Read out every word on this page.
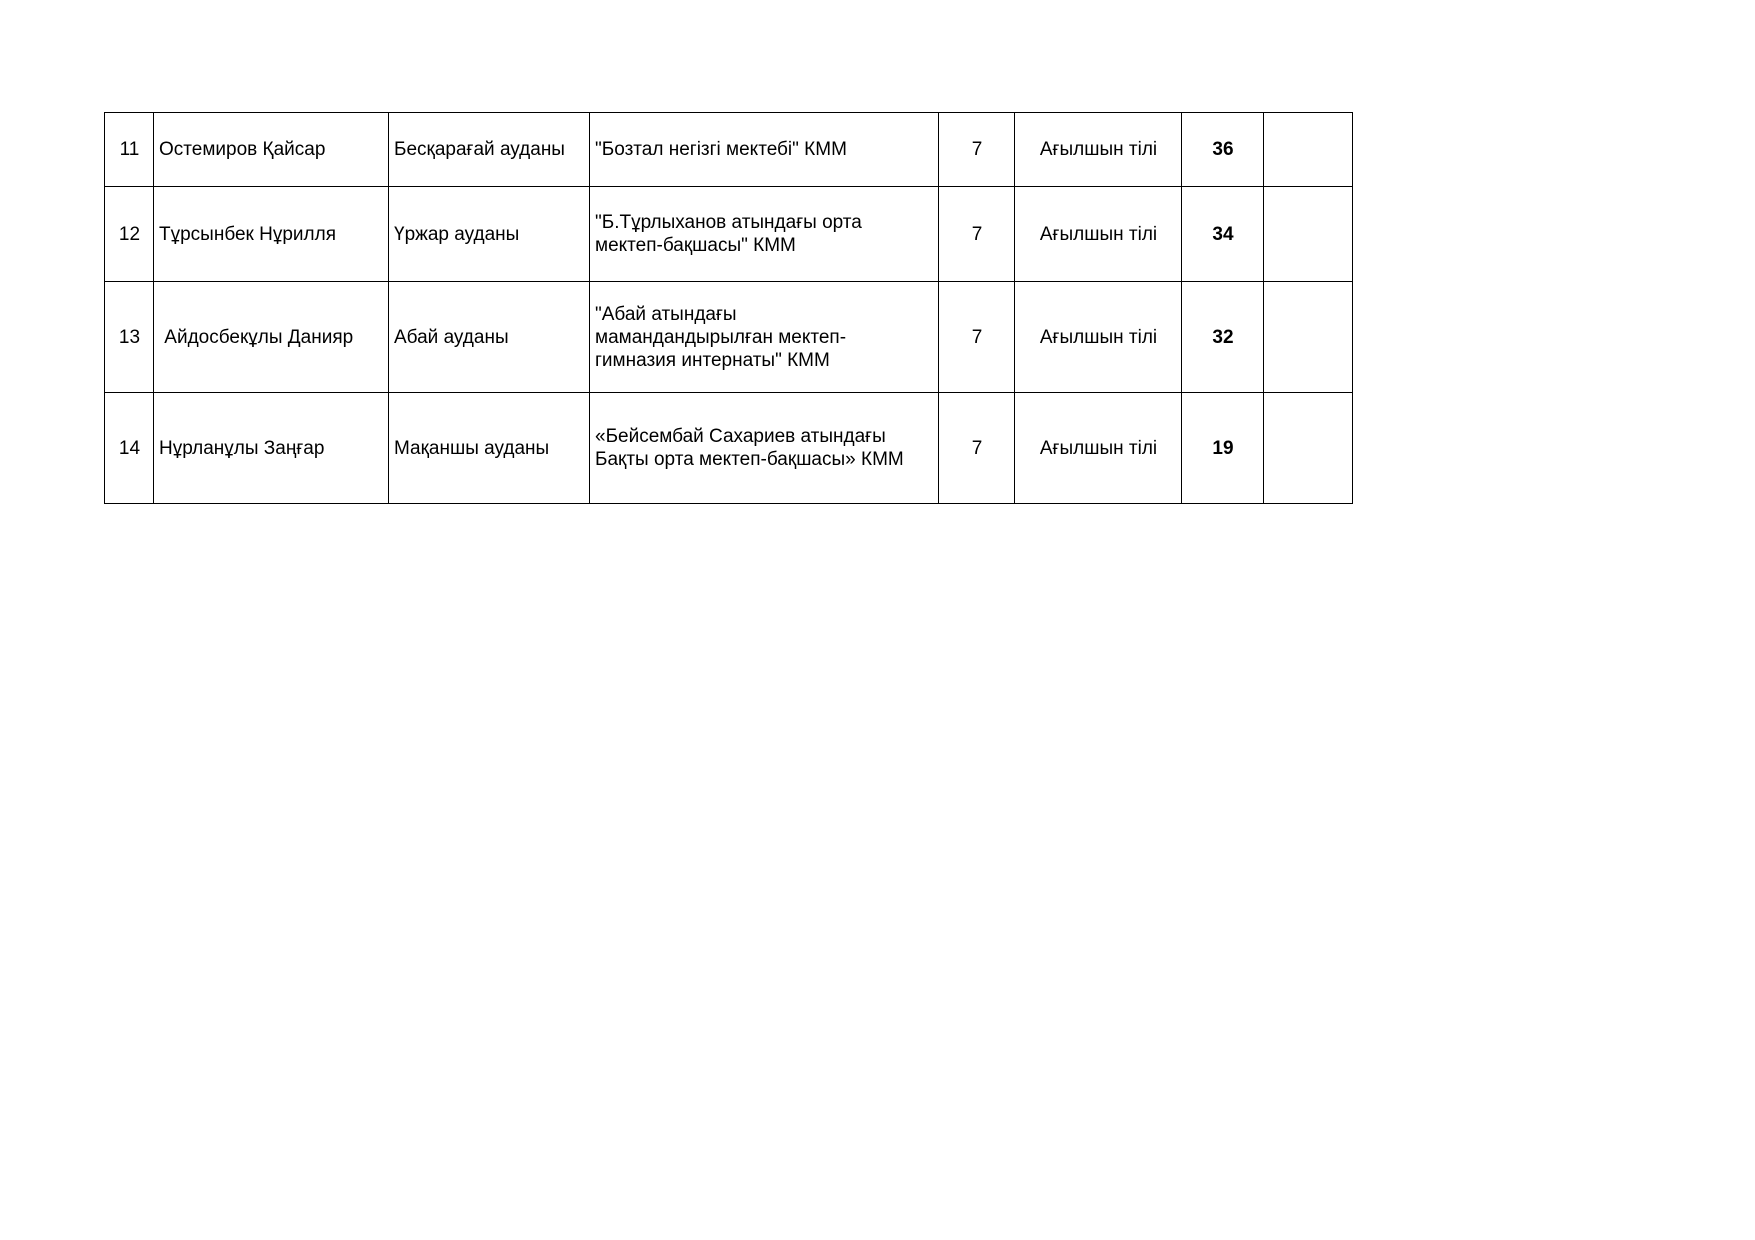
11	Остемиров Қайсар	Бесқарағай ауданы	"Бозтал негізгі мектебі" КММ	7	Ағылшын тілі	36	
12	Тұрсынбек Нұрилля	Үржар ауданы	"Б.Тұрлыханов атындағы орта
мектеп-бақшасы" КММ	7	Ағылшын тілі	34	
13	Айдосбекұлы Данияр	Абай ауданы	"Абай атындағы
мамандандырылған мектеп-
гимназия интернаты" КММ	7	Ағылшын тілі	32	
14	Нұрланұлы Заңғар	Мақаншы ауданы	«Бейсембай Сахариев атындағы
Бақты орта мектеп-бақшасы» КММ	7	Ағылшын тілі	19	
